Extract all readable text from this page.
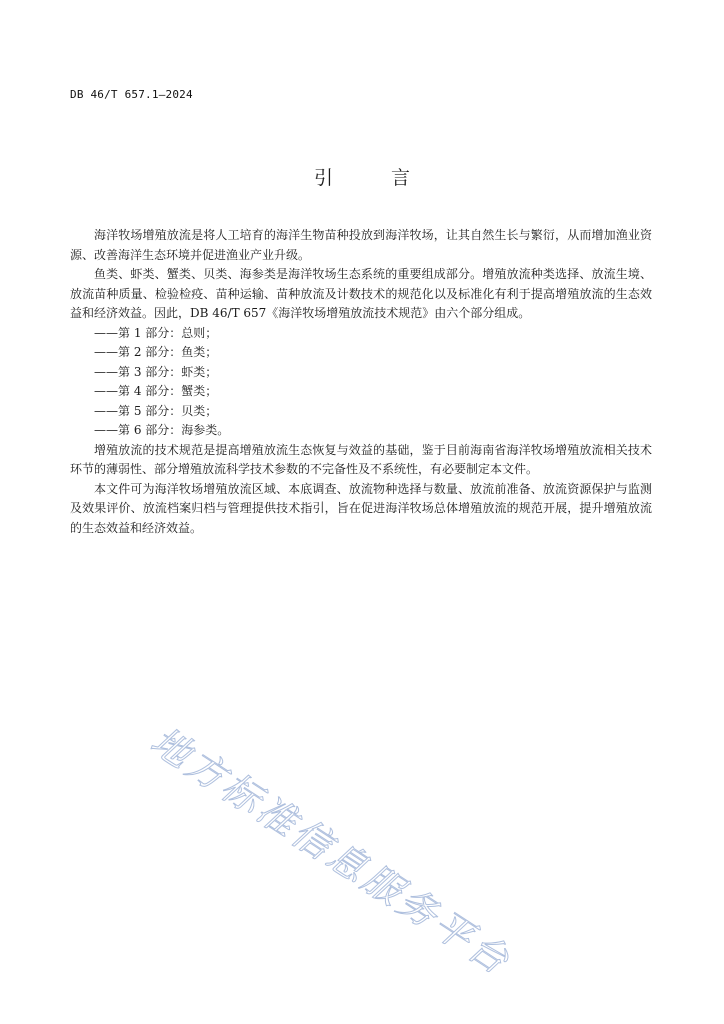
DB 46/T 657.1—2024
引 言

海洋牧场增殖放流是将人工培育的海洋生物苗种投放到海洋牧场，让其自然生长与繁衍，从而增加渔业资源、改善海洋生态环境并促进渔业产业升级。

鱼类、虾类、蟹类、贝类、海参类是海洋牧场生态系统的重要组成部分。增殖放流种类选择、放流生境、放流苗种质量、检验检疫、苗种运输、苗种放流及计数技术的规范化以及标准化有利于提高增殖放流的生态效益和经济效益。因此，DB 46/T 657《海洋牧场增殖放流技术规范》由六个部分组成。

——第 1 部分：总则；
——第 2 部分：鱼类；
——第 3 部分：虾类；
——第 4 部分：蟹类；
——第 5 部分：贝类；
——第 6 部分：海参类。

增殖放流的技术规范是提高增殖放流生态恢复与效益的基础，鉴于目前海南省海洋牧场增殖放流相关技术环节的薄弱性、部分增殖放流科学技术参数的不完备性及不系统性，有必要制定本文件。

本文件可为海洋牧场增殖放流区域、本底调查、放流物种选择与数量、放流前准备、放流资源保护与监测及效果评价、放流档案归档与管理提供技术指引，旨在促进海洋牧场总体增殖放流的规范开展，提升增殖放流的生态效益和经济效益。

地方标准信息服务平台
